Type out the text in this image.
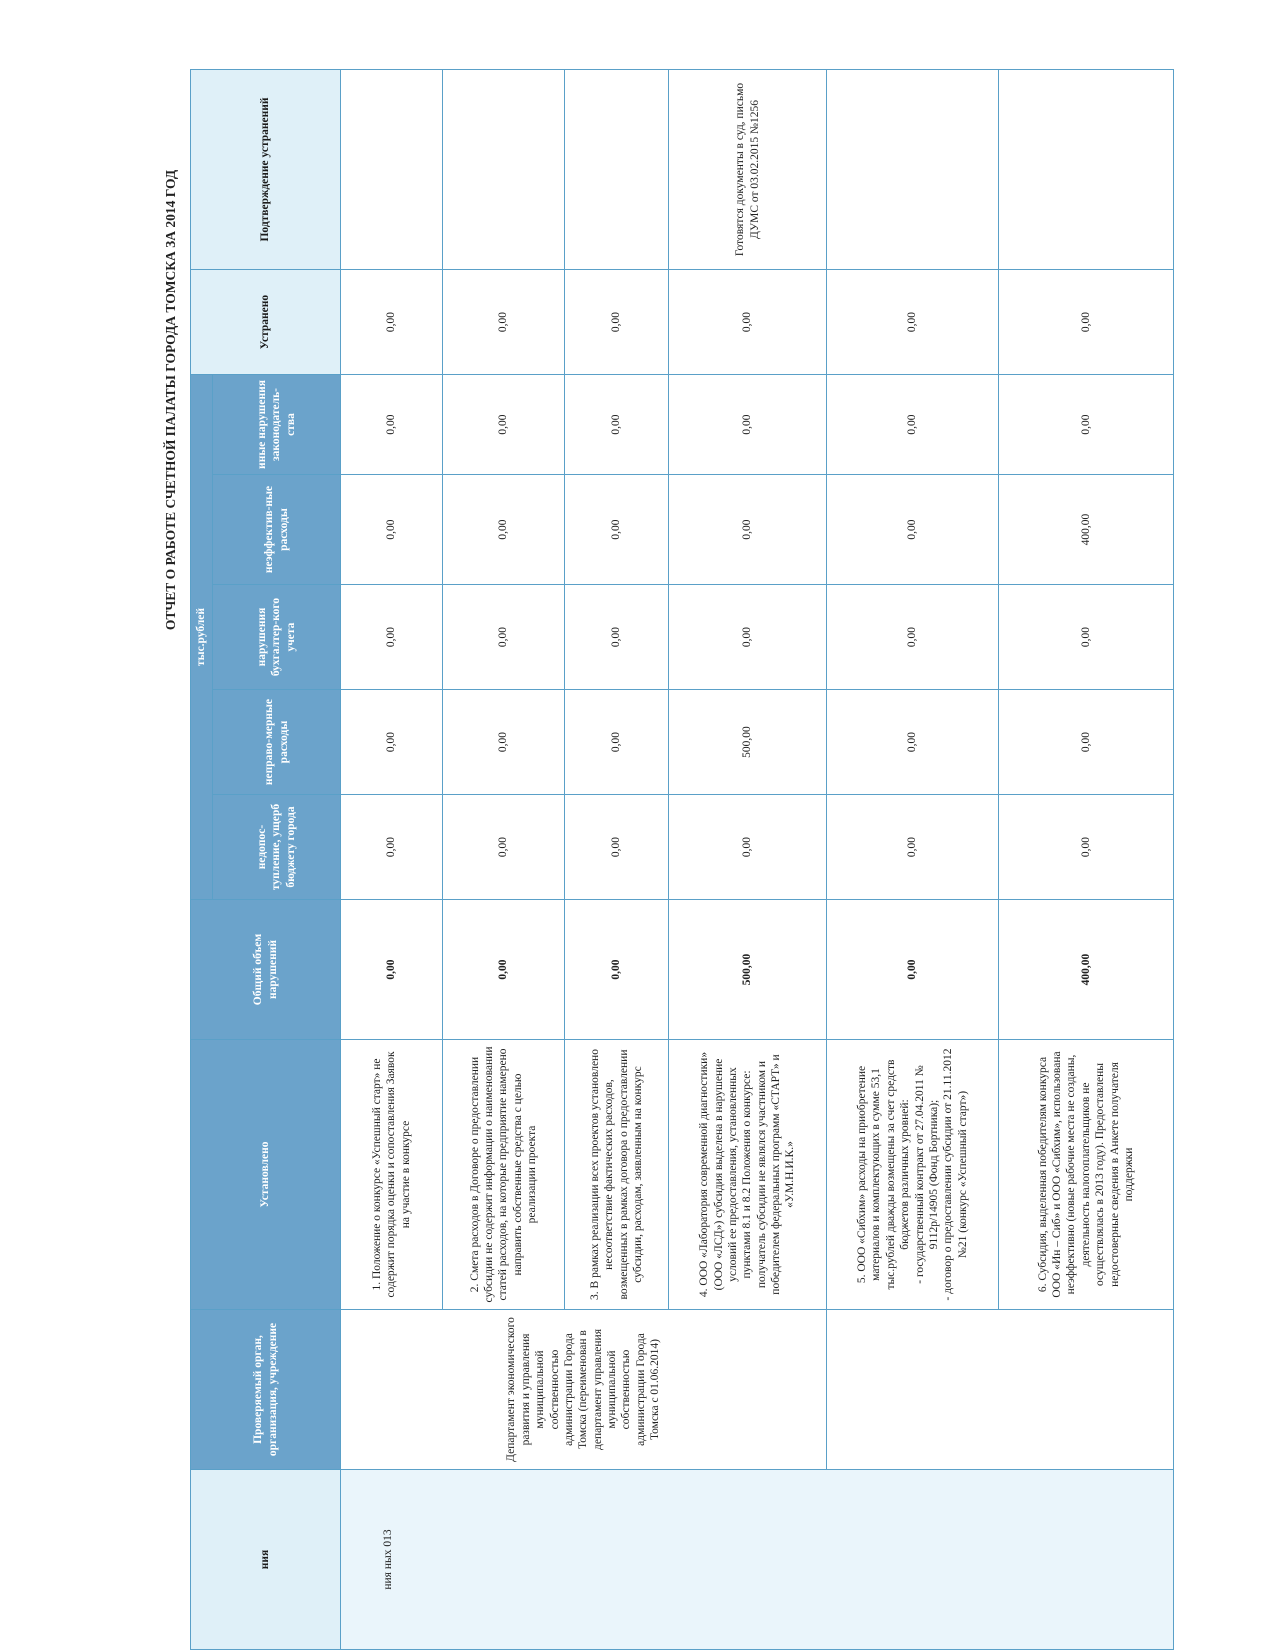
ОТЧЕТ О РАБОТЕ СЧЕТНОЙ ПАЛАТЫ ГОРОДА ТОМСКА ЗА 2014 ГОД
ния	Проверяемый орган, организация, учреждение	Установлено	Общий объем нарушений	тыс.рублей					Устранено	Подтверждение устранений
				недопос-тупление, ущерб бюджету города	неправо-мерные расходы	нарушения бухгалтер-кого учета	неэффектив-ные расходы	иные нарушения законодатель-ства		

ния ных 013	Департамент экономического развития и управления муниципальной собственностью администрации Города Томска (переименован в департамент управления муниципальной собственностью администрации Города Томска с 01.06.2014)	1. Положение о конкурсе «Успешный старт» не содержит порядка оценки и сопоставления Заявок на участие в конкурсе	0,00	0,00	0,00	0,00	0,00	0,00	0,00	
		2. Смета расходов в Договоре о предоставлении субсидии не содержит информации о наименовании статей расходов, на которые предприятие намерено направить собственные средства с целью реализации проекта	0,00	0,00	0,00	0,00	0,00	0,00	0,00	
		3. В рамках реализации всех проектов установлено несоответствие фактических расходов, возмещенных в рамках договора о предоставлении субсидии, расходам, заявленным на конкурс	0,00	0,00	0,00	0,00	0,00	0,00	0,00	
		4. ООО «Лаборатория современной диагностики» (ООО «ЛСД») субсидия выделена в нарушение условий ее предоставления, установленных пунктами 8.1 и 8.2 Положения о конкурсе: получатель субсидии не являлся участником и победителем федеральных программ «СТАРТ» и «У.М.Н.И.К.»	500,00	0,00	500,00	0,00	0,00	0,00	0,00	Готовятся документы в суд, письмо ДУМС от 03.02.2015 №1256

		5. ООО «Сибхим» расходы на приобретение материалов и комплектующих в сумме 53,1 тыс.рублей дважды возмещены за счет средств бюджетов различных уровней: - государственный контракт от 27.04.2011 № 9112р/14905 (Фонд Бортника); - договор о предоставлении субсидии от 21.11.2012 №21 (конкурс «Успешный старт»)	0,00	0,00	0,00	0,00	0,00	0,00	0,00	
		6. Субсидия, выделенная победителям конкурса ООО «Ин – Сиб» и ООО «Сибхим», использована неэффективно (новые рабочие места не созданы, деятельность налогоплательщиков не осуществлялась в 2013 году). Предоставлены недостоверные сведения в Анкете получателя поддержки	400,00	0,00	0,00	0,00	400,00	0,00	0,00	
